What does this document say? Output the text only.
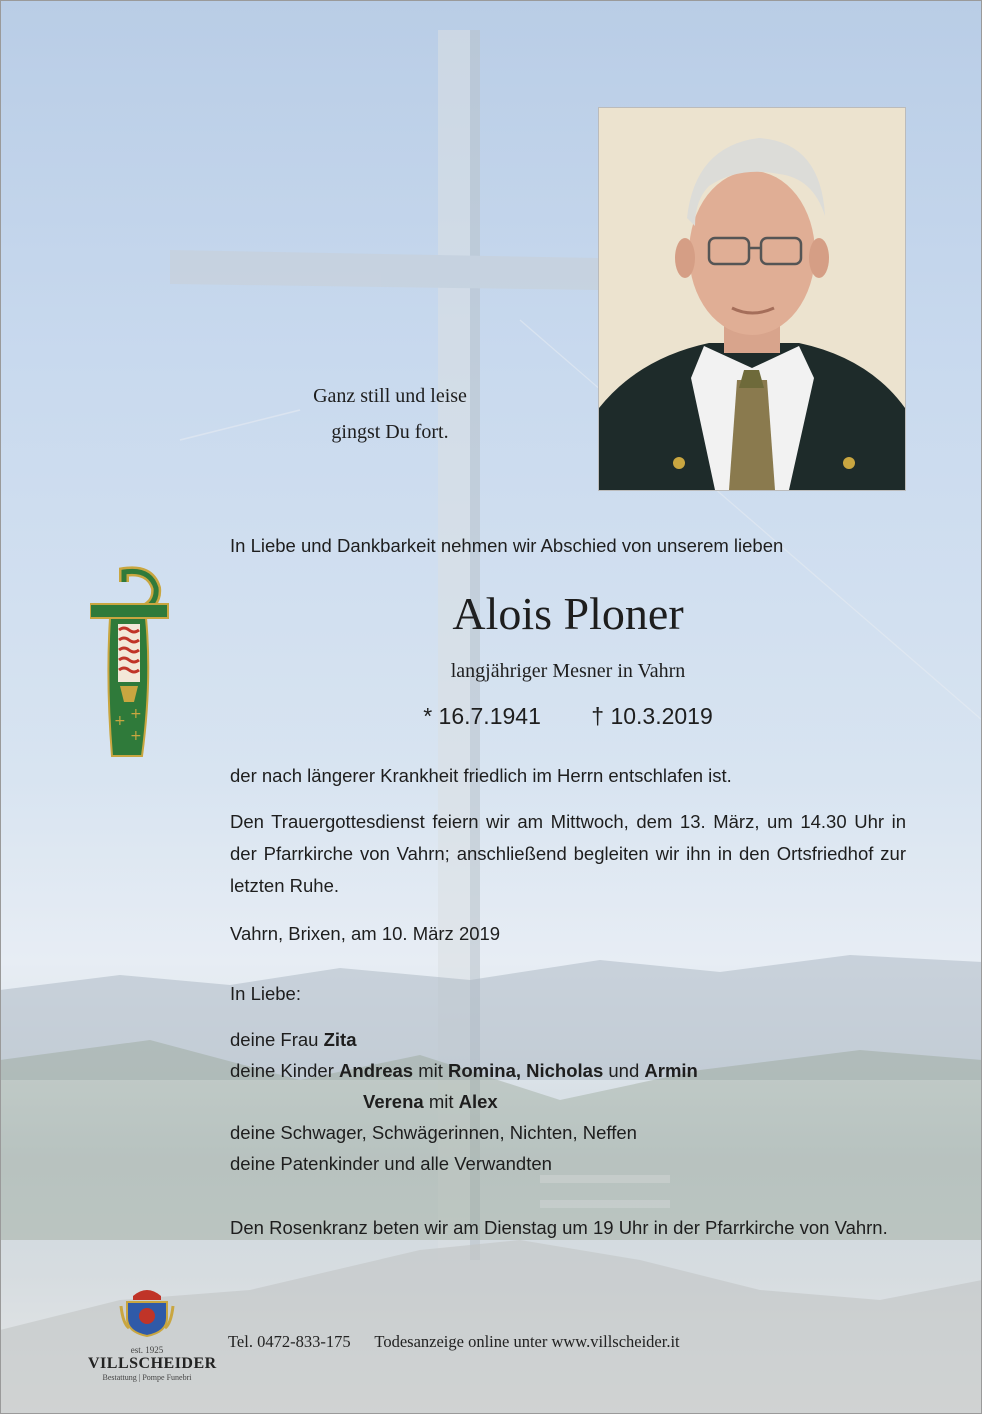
Ganz still und leise
gingst Du fort.
+ +
+
In Liebe und Dankbarkeit nehmen wir Abschied von unserem lieben
Alois Ploner
langjähriger Mesner in Vahrn
* 16.7.1941 † 10.3.2019
der nach längerer Krankheit friedlich im Herrn entschlafen ist.
Den Trauergottesdienst feiern wir am Mittwoch, dem 13. März, um 14.30 Uhr in der Pfarrkirche von Vahrn; anschließend begleiten wir ihn in den Ortsfriedhof zur letzten Ruhe.
Vahrn, Brixen, am 10. März 2019
In Liebe:
deine Frau Zita
deine Kinder Andreas mit Romina, Nicholas und Armin
Verena mit Alex
deine Schwager, Schwägerinnen, Nichten, Neffen
deine Patenkinder und alle Verwandten
Den Rosenkranz beten wir am Dienstag um 19 Uhr in der Pfarrkirche von Vahrn.
est. 1925
VILLSCHEIDER
Bestattung | Pompe Funebri
Tel. 0472-833-175 Todesanzeige online unter www.villscheider.it
